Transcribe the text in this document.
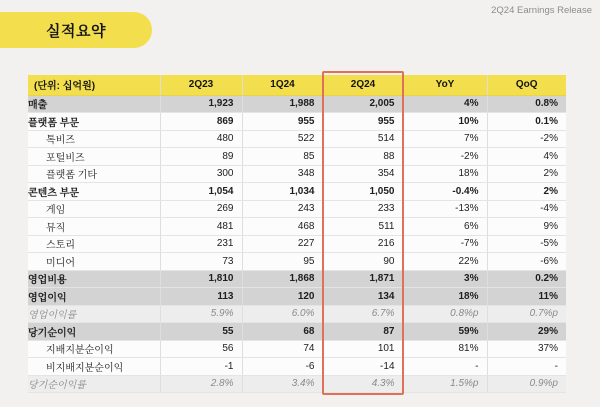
실적요약
2Q24 Earnings Release
(단위: 십억원)	2Q23	1Q24	2Q24	YoY	QoQ
매출	1,923	1,988	2,005	4%	0.8%
플랫폼 부문	869	955	955	10%	0.1%
톡비즈	480	522	514	7%	-2%
포털비즈	89	85	88	-2%	4%
플랫폼 기타	300	348	354	18%	2%
콘텐츠 부문	1,054	1,034	1,050	-0.4%	2%
게임	269	243	233	-13%	-4%
뮤직	481	468	511	6%	9%
스토리	231	227	216	-7%	-5%
미디어	73	95	90	22%	-6%
영업비용	1,810	1,868	1,871	3%	0.2%
영업이익	113	120	134	18%	11%
영업이익률	5.9%	6.0%	6.7%	0.8%p	0.7%p
당기순이익	55	68	87	59%	29%
지배지분순이익	56	74	101	81%	37%
비지배지분순이익	-1	-6	-14	-	-
당기순이익률	2.8%	3.4%	4.3%	1.5%p	0.9%p
